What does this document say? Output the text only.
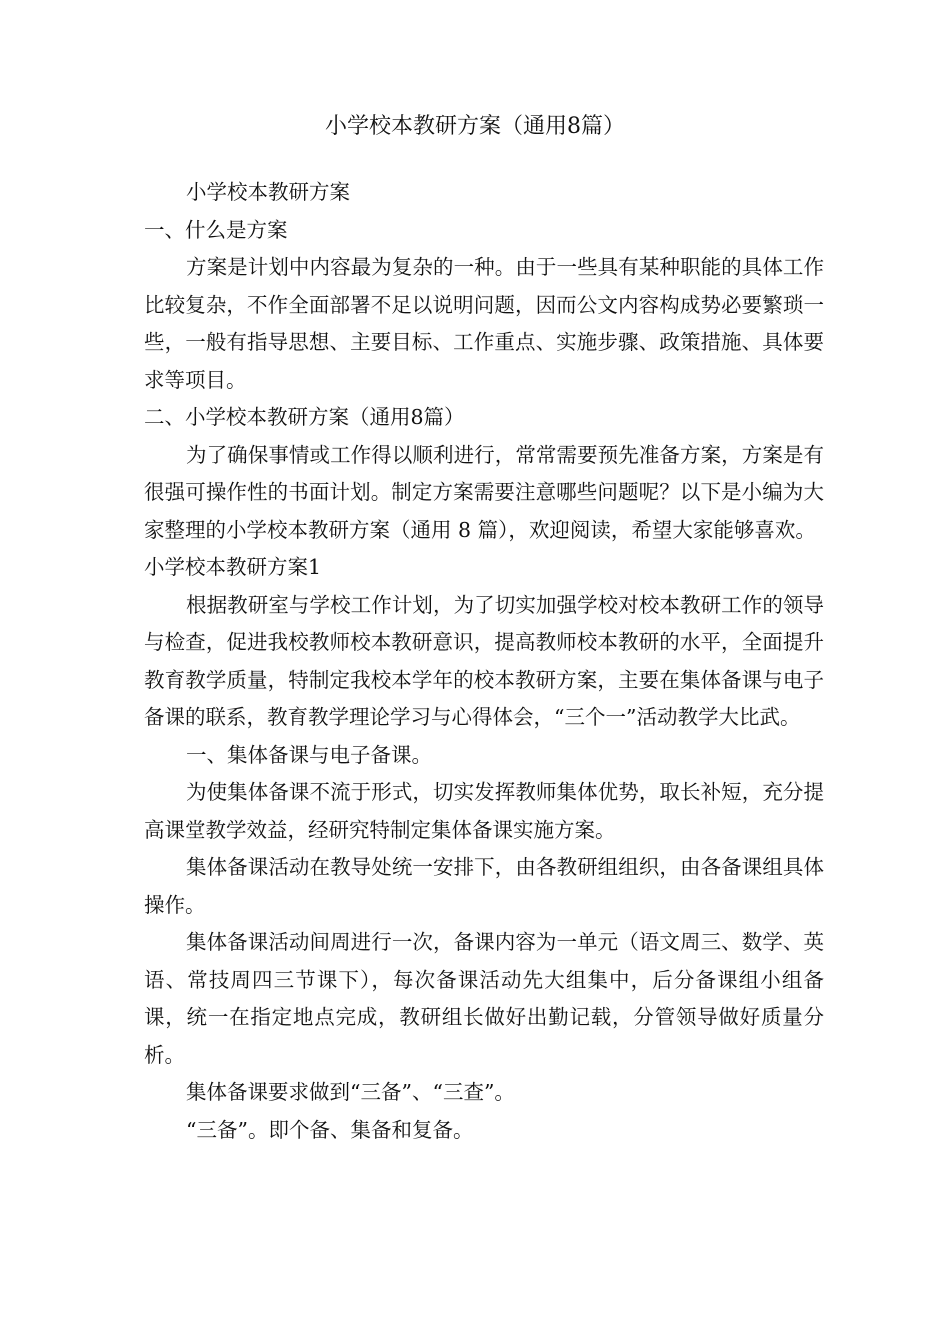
小学校本教研方案（通用8篇）

小学校本教研方案

一、什么是方案

方案是计划中内容最为复杂的一种。由于一些具有某种职能的具体工作比较复杂，不作全面部署不足以说明问题，因而公文内容构成势必要繁琐一些，一般有指导思想、主要目标、工作重点、实施步骤、政策措施、具体要求等项目。

二、小学校本教研方案（通用8篇）

为了确保事情或工作得以顺利进行，常常需要预先准备方案，方案是有很强可操作性的书面计划。制定方案需要注意哪些问题呢？以下是小编为大家整理的小学校本教研方案（通用 8 篇），欢迎阅读，希望大家能够喜欢。

小学校本教研方案1

根据教研室与学校工作计划，为了切实加强学校对校本教研工作的领导与检查，促进我校教师校本教研意识，提高教师校本教研的水平，全面提升教育教学质量，特制定我校本学年的校本教研方案，主要在集体备课与电子备课的联系，教育教学理论学习与心得体会，“三个一”活动教学大比武。

一、集体备课与电子备课。

为使集体备课不流于形式，切实发挥教师集体优势，取长补短，充分提高课堂教学效益，经研究特制定集体备课实施方案。

集体备课活动在教导处统一安排下，由各教研组组织，由各备课组具体操作。

集体备课活动间周进行一次，备课内容为一单元（语文周三、数学、英语、常技周四三节课下），每次备课活动先大组集中，后分备课组小组备课，统一在指定地点完成，教研组长做好出勤记载，分管领导做好质量分析。

集体备课要求做到“三备”、“三查”。

“三备”。即个备、集备和复备。
